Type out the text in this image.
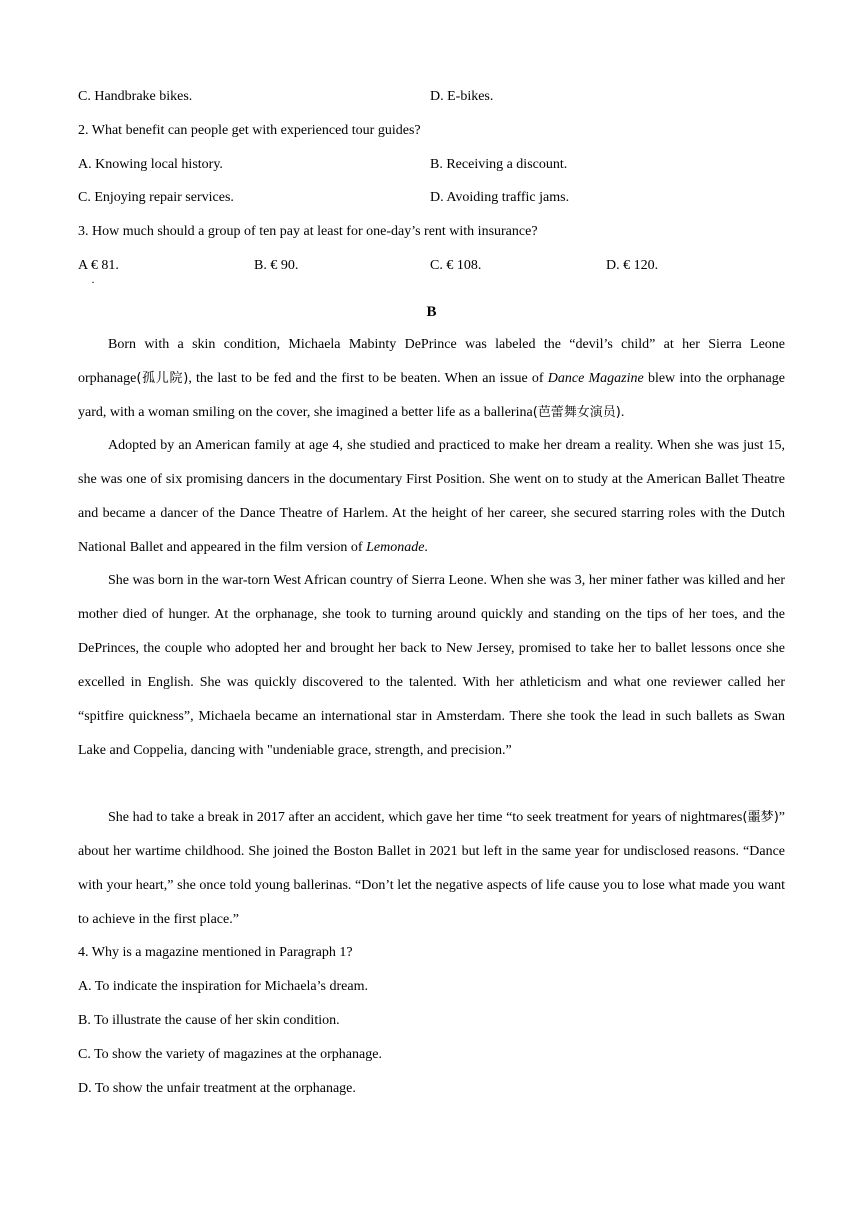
C. Handbrake bikes.	D. E-bikes.
2. What benefit can people get with experienced tour guides?
A. Knowing local history.	B. Receiving a discount.
C. Enjoying repair services.	D. Avoiding traffic jams.
3. How much should a group of ten pay at least for one-day’s rent with insurance?
A € 81.	B. € 90.	C. € 108.	D. € 120.
·
B
Born with a skin condition, Michaela Mabinty DePrince was labeled the “devil’s child” at her Sierra Leone orphanage(孤儿院), the last to be fed and the first to be beaten. When an issue of Dance Magazine blew into the orphanage yard, with a woman smiling on the cover, she imagined a better life as a ballerina(芭蕾舞女演员).
Adopted by an American family at age 4, she studied and practiced to make her dream a reality. When she was just 15, she was one of six promising dancers in the documentary First Position. She went on to study at the American Ballet Theatre and became a dancer of the Dance Theatre of Harlem. At the height of her career, she secured starring roles with the Dutch National Ballet and appeared in the film version of Lemonade.
She was born in the war-torn West African country of Sierra Leone. When she was 3, her miner father was killed and her mother died of hunger. At the orphanage, she took to turning around quickly and standing on the tips of her toes, and the DePrinces, the couple who adopted her and brought her back to New Jersey, promised to take her to ballet lessons once she excelled in English. She was quickly discovered to the talented. With her athleticism and what one reviewer called her “spitfire quickness”, Michaela became an international star in Amsterdam. There she took the lead in such ballets as Swan Lake and Coppelia, dancing with "undeniable grace, strength, and precision.”
She had to take a break in 2017 after an accident, which gave her time “to seek treatment for years of nightmares(噩梦)” about her wartime childhood. She joined the Boston Ballet in 2021 but left in the same year for undisclosed reasons. “Dance with your heart,” she once told young ballerinas. “Don’t let the negative aspects of life cause you to lose what made you want to achieve in the first place.”
4. Why is a magazine mentioned in Paragraph 1?
A. To indicate the inspiration for Michaela’s dream.
B. To illustrate the cause of her skin condition.
C. To show the variety of magazines at the orphanage.
D. To show the unfair treatment at the orphanage.
